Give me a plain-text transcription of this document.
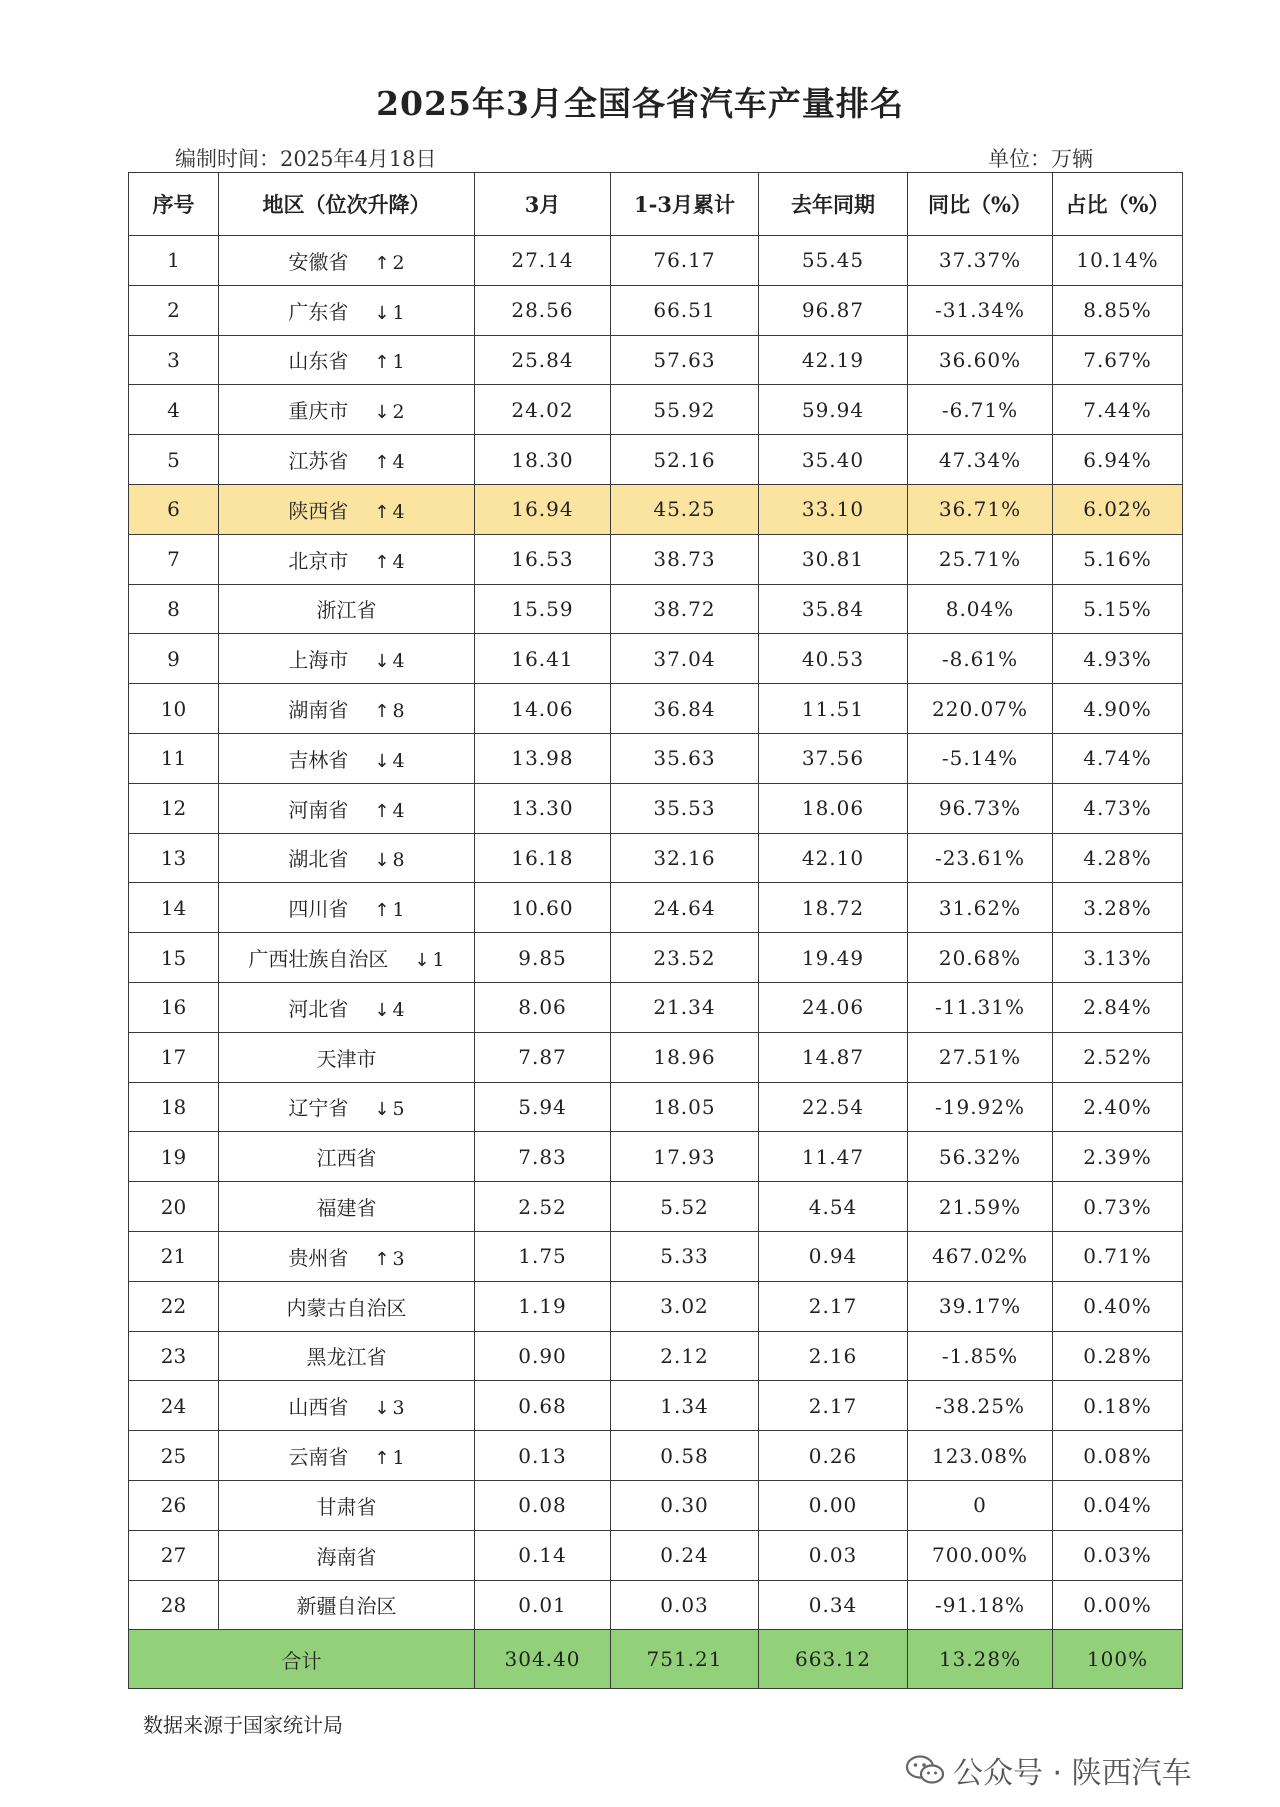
2025年3月全国各省汽车产量排名
编制时间：2025年4月18日	单位：万辆
序号	地区（位次升降）	3月	1-3月累计	去年同期	同比（%）	占比（%）
1	安徽省 ↑ 2	27.14	76.17	55.45	37.37%	10.14%
2	广东省 ↓ 1	28.56	66.51	96.87	-31.34%	8.85%
3	山东省 ↑ 1	25.84	57.63	42.19	36.60%	7.67%
4	重庆市 ↓ 2	24.02	55.92	59.94	-6.71%	7.44%
5	江苏省 ↑ 4	18.30	52.16	35.40	47.34%	6.94%
6	陕西省 ↑ 4	16.94	45.25	33.10	36.71%	6.02%
7	北京市 ↑ 4	16.53	38.73	30.81	25.71%	5.16%
8	浙江省	15.59	38.72	35.84	8.04%	5.15%
9	上海市 ↓ 4	16.41	37.04	40.53	-8.61%	4.93%
10	湖南省 ↑ 8	14.06	36.84	11.51	220.07%	4.90%
11	吉林省 ↓ 4	13.98	35.63	37.56	-5.14%	4.74%
12	河南省 ↑ 4	13.30	35.53	18.06	96.73%	4.73%
13	湖北省 ↓ 8	16.18	32.16	42.10	-23.61%	4.28%
14	四川省 ↑ 1	10.60	24.64	18.72	31.62%	3.28%
15	广西壮族自治区 ↓ 1	9.85	23.52	19.49	20.68%	3.13%
16	河北省 ↓ 4	8.06	21.34	24.06	-11.31%	2.84%
17	天津市	7.87	18.96	14.87	27.51%	2.52%
18	辽宁省 ↓ 5	5.94	18.05	22.54	-19.92%	2.40%
19	江西省	7.83	17.93	11.47	56.32%	2.39%
20	福建省	2.52	5.52	4.54	21.59%	0.73%
21	贵州省 ↑ 3	1.75	5.33	0.94	467.02%	0.71%
22	内蒙古自治区	1.19	3.02	2.17	39.17%	0.40%
23	黑龙江省	0.90	2.12	2.16	-1.85%	0.28%
24	山西省 ↓ 3	0.68	1.34	2.17	-38.25%	0.18%
25	云南省 ↑ 1	0.13	0.58	0.26	123.08%	0.08%
26	甘肃省	0.08	0.30	0.00	0	0.04%
27	海南省	0.14	0.24	0.03	700.00%	0.03%
28	新疆自治区	0.01	0.03	0.34	-91.18%	0.00%
合计		304.40	751.21	663.12	13.28%	100%
数据来源于国家统计局
公众号 · 陕西汽车
